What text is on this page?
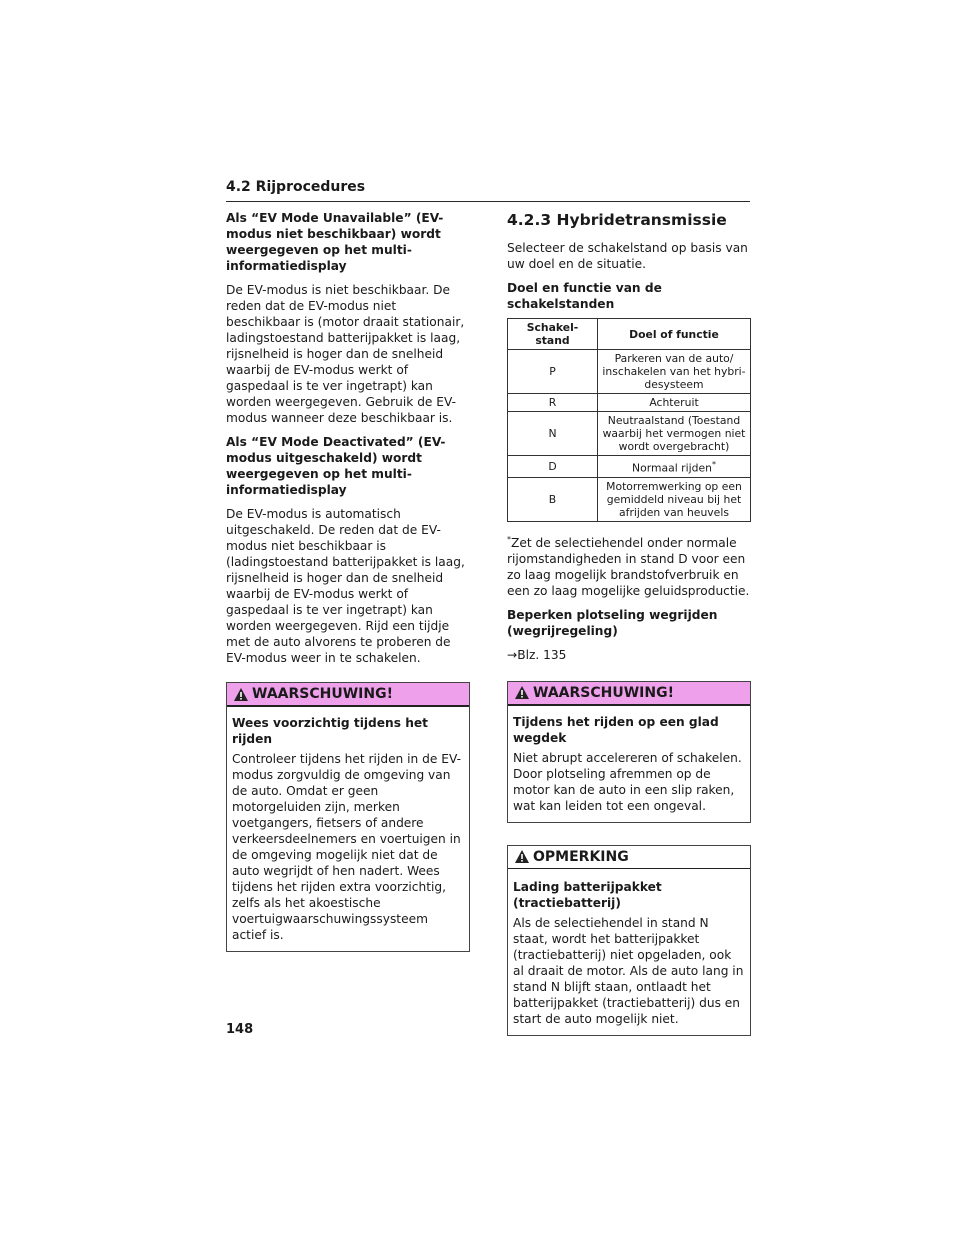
4.2 Rijprocedures
Als “EV Mode Unavailable” (EV-modus niet beschikbaar) wordt weergegeven op het multi-informatiedisplay
De EV-modus is niet beschikbaar. De reden dat de EV-modus niet beschikbaar is (motor draait stationair, ladingstoestand batterijpakket is laag, rijsnelheid is hoger dan de snelheid waarbij de EV-modus werkt of gaspedaal is te ver ingetrapt) kan worden weergegeven. Gebruik de EV-modus wanneer deze beschikbaar is.
Als “EV Mode Deactivated” (EV-modus uitgeschakeld) wordt weergegeven op het multi-informatiedisplay
De EV-modus is automatisch uitgeschakeld. De reden dat de EV-modus niet beschikbaar is (ladingstoestand batterijpakket is laag, rijsnelheid is hoger dan de snelheid waarbij de EV-modus werkt of gaspedaal is te ver ingetrapt) kan worden weergegeven. Rijd een tijdje met de auto alvorens te proberen de EV-modus weer in te schakelen.
WAARSCHUWING!
Wees voorzichtig tijdens het rijden
Controleer tijdens het rijden in de EV-modus zorgvuldig de omgeving van de auto. Omdat er geen motorgeluiden zijn, merken voetgangers, fietsers of andere verkeersdeelnemers en voertuigen in de omgeving mogelijk niet dat de auto wegrijdt of hen nadert. Wees tijdens het rijden extra voorzichtig, zelfs als het akoestische voertuigwaarschuwingssysteem actief is.
4.2.3 Hybridetransmissie
Selecteer de schakelstand op basis van uw doel en de situatie.
Doel en functie van de schakelstanden
Schakel-
stand	Doel of functie
P	Parkeren van de auto/ inschakelen van het hybri-desysteem
R	Achteruit
N	Neutraalstand (Toestand waarbij het vermogen niet wordt overgebracht)
D	Normaal rijden*
B	Motorremwerking op een gemiddeld niveau bij het afrijden van heuvels
*Zet de selectiehendel onder normale rijomstandigheden in stand D voor een zo laag mogelijk brandstofverbruik en een zo laag mogelijke geluidsproductie.
Beperken plotseling wegrijden (wegrijregeling)
→Blz. 135
WAARSCHUWING!
Tijdens het rijden op een glad wegdek
Niet abrupt accelereren of schakelen. Door plotseling afremmen op de motor kan de auto in een slip raken, wat kan leiden tot een ongeval.
OPMERKING
Lading batterijpakket (tractiebatterij)
Als de selectiehendel in stand N staat, wordt het batterijpakket (tractiebatterij) niet opgeladen, ook al draait de motor. Als de auto lang in stand N blijft staan, ontlaadt het batterijpakket (tractiebatterij) dus en start de auto mogelijk niet.
148
